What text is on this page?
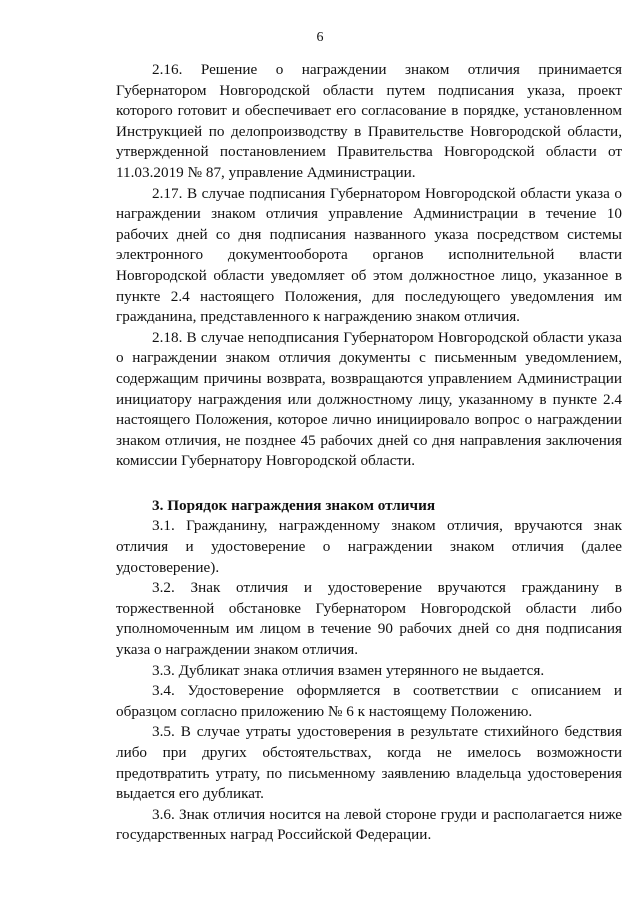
6

2.16. Решение о награждении знаком отличия принимается Губернатором Новгородской области путем подписания указа, проект которого готовит и обеспечивает его согласование в порядке, установленном Инструкцией по делопроизводству в Правительстве Новгородской области, утвержденной постановлением Правительства Новгородской области от 11.03.2019 № 87, управление Администрации.

2.17. В случае подписания Губернатором Новгородской области указа о награждении знаком отличия управление Администрации в течение 10 рабочих дней со дня подписания названного указа посредством системы электронного документооборота органов исполнительной власти Новгородской области уведомляет об этом должностное лицо, указанное в пункте 2.4 настоящего Положения, для последующего уведомления им гражданина, представленного к награждению знаком отличия.

2.18. В случае неподписания Губернатором Новгородской области указа о награждении знаком отличия документы с письменным уведомлением, содержащим причины возврата, возвращаются управлением Администрации инициатору награждения или должностному лицу, указанному в пункте 2.4 настоящего Положения, которое лично инициировало вопрос о награждении знаком отличия, не позднее 45 рабочих дней со дня направления заключения комиссии Губернатору Новгородской области.

3. Порядок награждения знаком отличия

3.1. Гражданину, награжденному знаком отличия, вручаются знак отличия и удостоверение о награждении знаком отличия (далее удостоверение).

3.2. Знак отличия и удостоверение вручаются гражданину в торжественной обстановке Губернатором Новгородской области либо уполномоченным им лицом в течение 90 рабочих дней со дня подписания указа о награждении знаком отличия.

3.3. Дубликат знака отличия взамен утерянного не выдается.

3.4. Удостоверение оформляется в соответствии с описанием и образцом согласно приложению № 6 к настоящему Положению.

3.5. В случае утраты удостоверения в результате стихийного бедствия либо при других обстоятельствах, когда не имелось возможности предотвратить утрату, по письменному заявлению владельца удостоверения выдается его дубликат.

3.6. Знак отличия носится на левой стороне груди и располагается ниже государственных наград Российской Федерации.
